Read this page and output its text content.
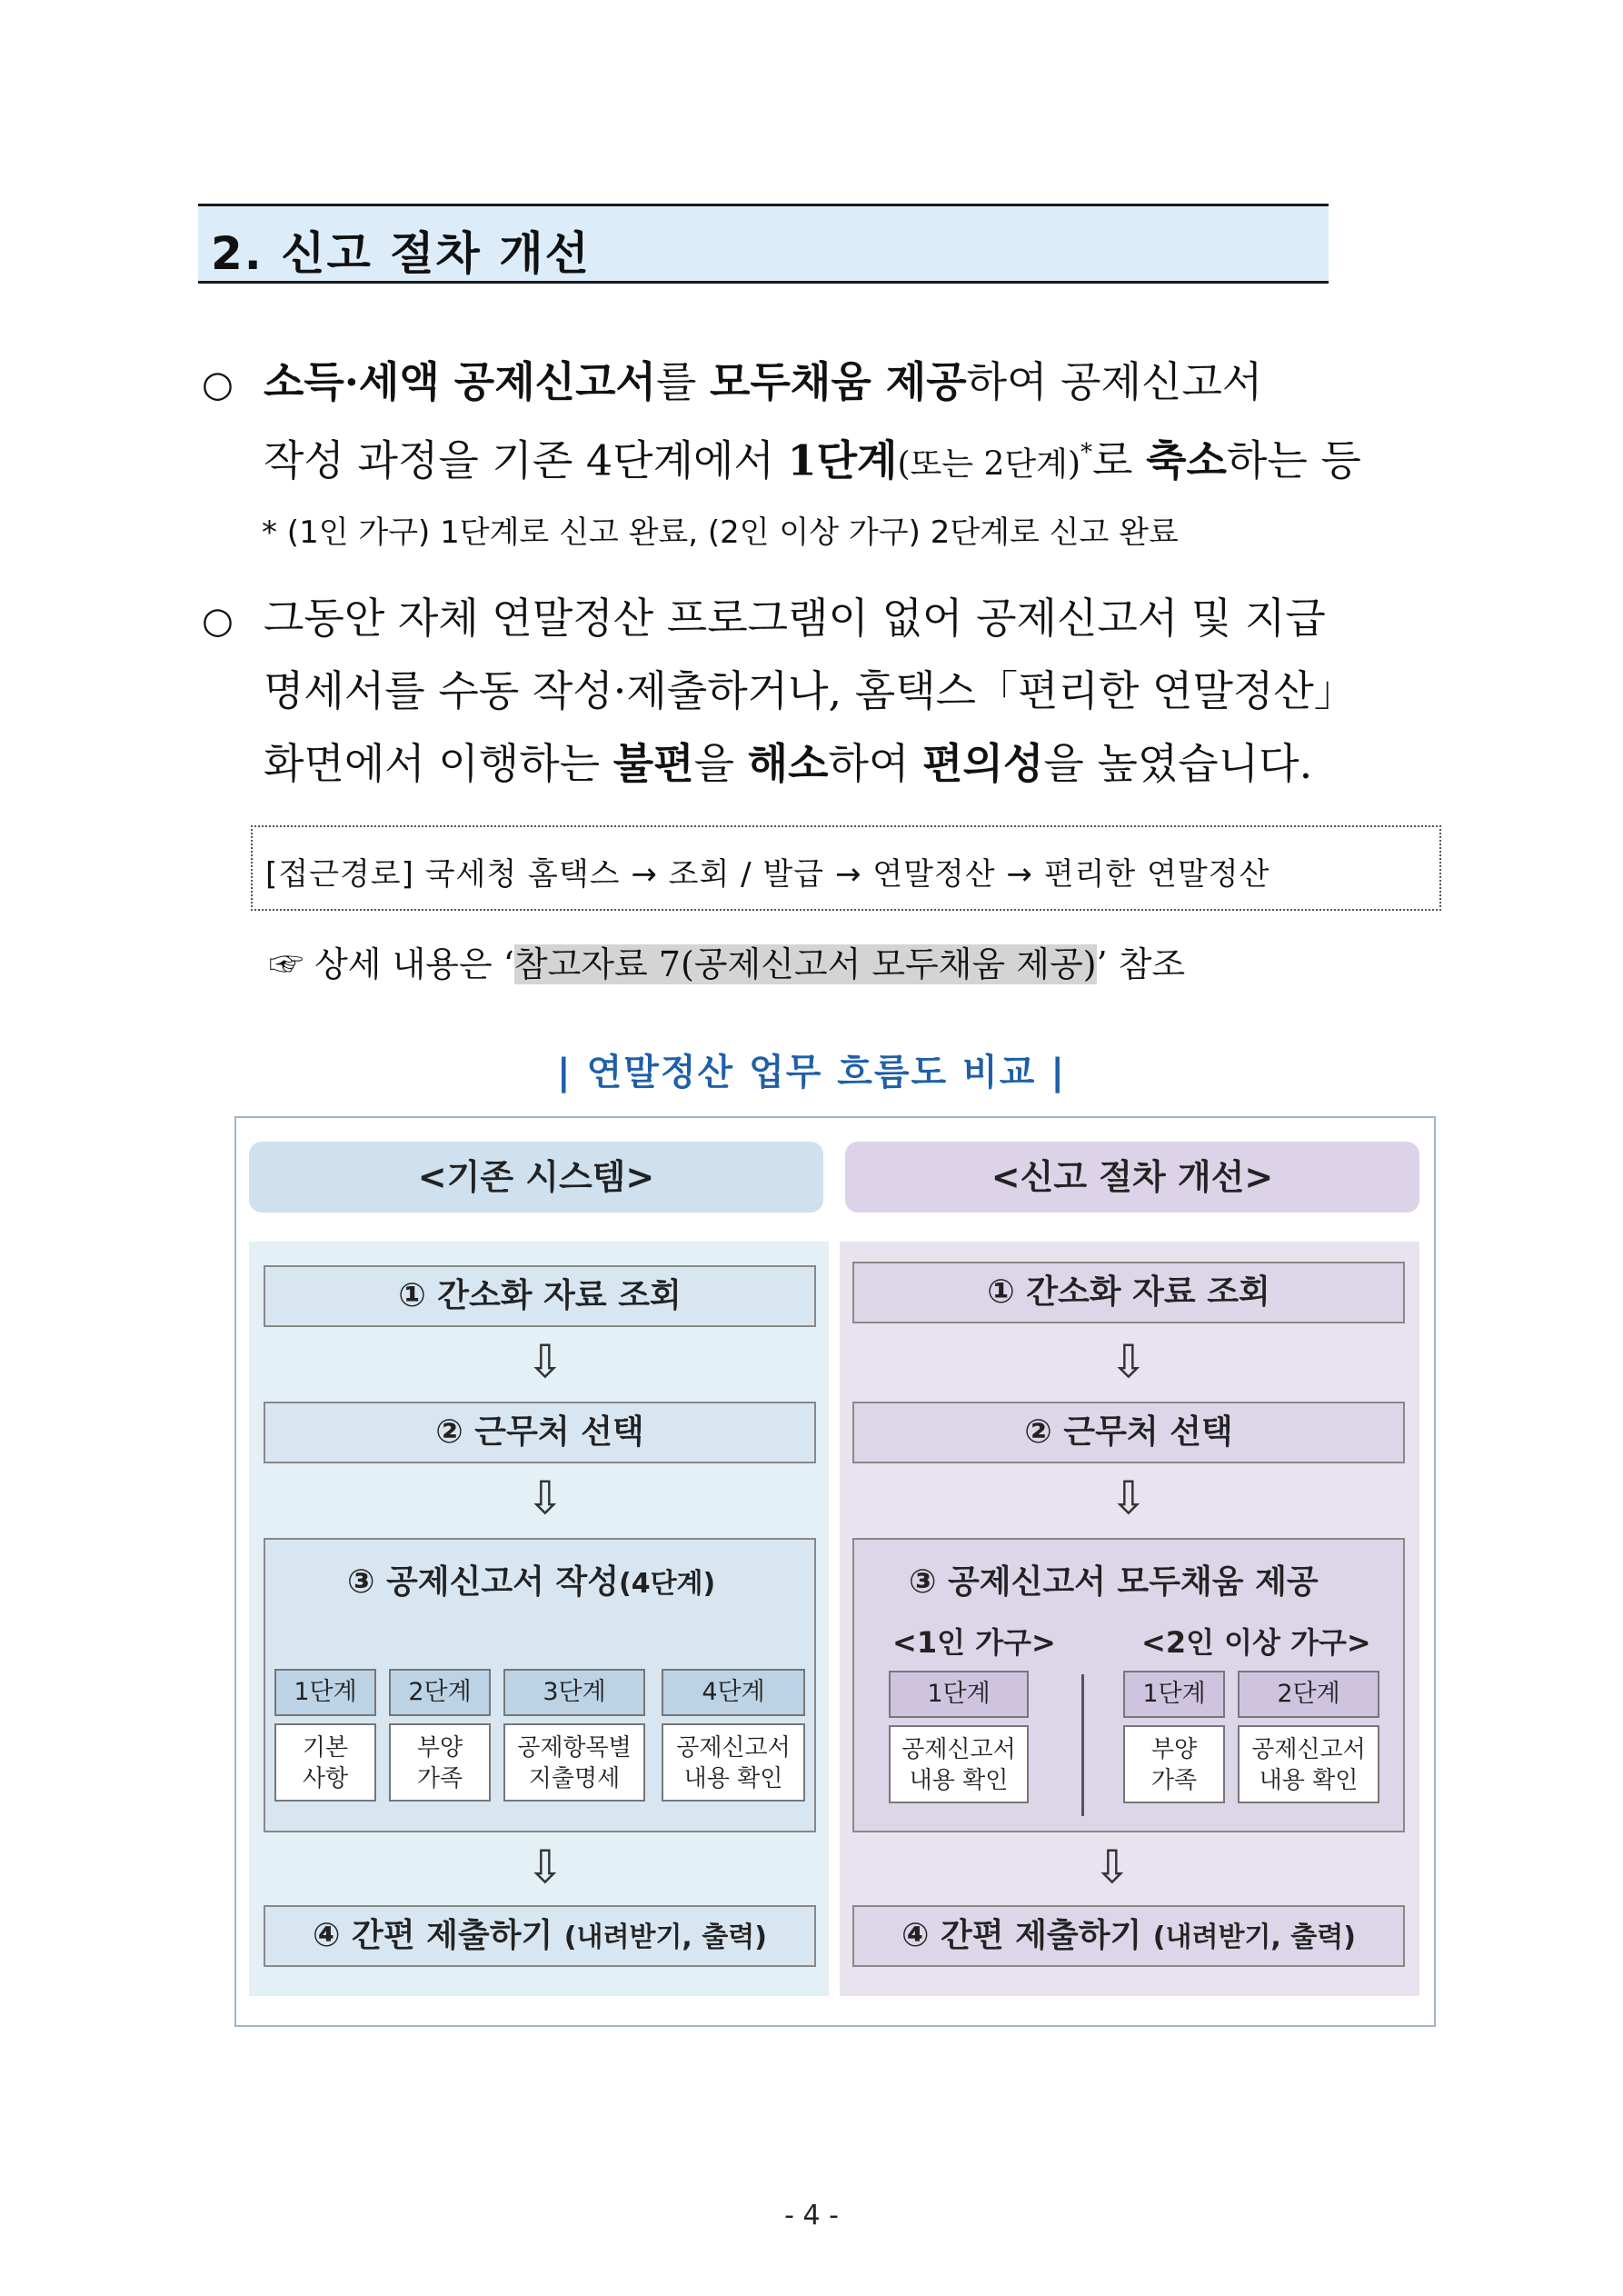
2. 신고 절차 개선
○ 소득·세액 공제신고서를 모두채움 제공하여 공제신고서
작성 과정을 기존 4단계에서 1단계(또는 2단계)*로 축소하는 등
* (1인 가구) 1단계로 신고 완료, (2인 이상 가구) 2단계로 신고 완료
○ 그동안 자체 연말정산 프로그램이 없어 공제신고서 및 지급
명세서를 수동 작성·제출하거나, 홈택스「편리한 연말정산」
화면에서 이행하는 불편을 해소하여 편의성을 높였습니다.
[접근경로] 국세청 홈택스 → 조회 / 발급 → 연말정산 → 편리한 연말정산
☞ 상세 내용은 ‘참고자료 7(공제신고서 모두채움 제공)’ 참조
| 연말정산 업무 흐름도 비교 |
<기존 시스템>	<신고 절차 개선>
① 간소화 자료 조회
⇩
② 근무처 선택
⇩
③ 공제신고서 작성(4단계)
1단계
기본
사항
2단계
부양
가족
3단계
공제항목별
지출명세
4단계
공제신고서
내용 확인
⇩
④ 간편 제출하기 (내려받기, 출력)
① 간소화 자료 조회
⇩
② 근무처 선택
⇩
③ 공제신고서 모두채움 제공
<1인 가구>	<2인 이상 가구>
1단계
공제신고서
내용 확인
1단계
부양
가족
2단계
공제신고서
내용 확인
⇩
④ 간편 제출하기 (내려받기, 출력)
- 4 -
